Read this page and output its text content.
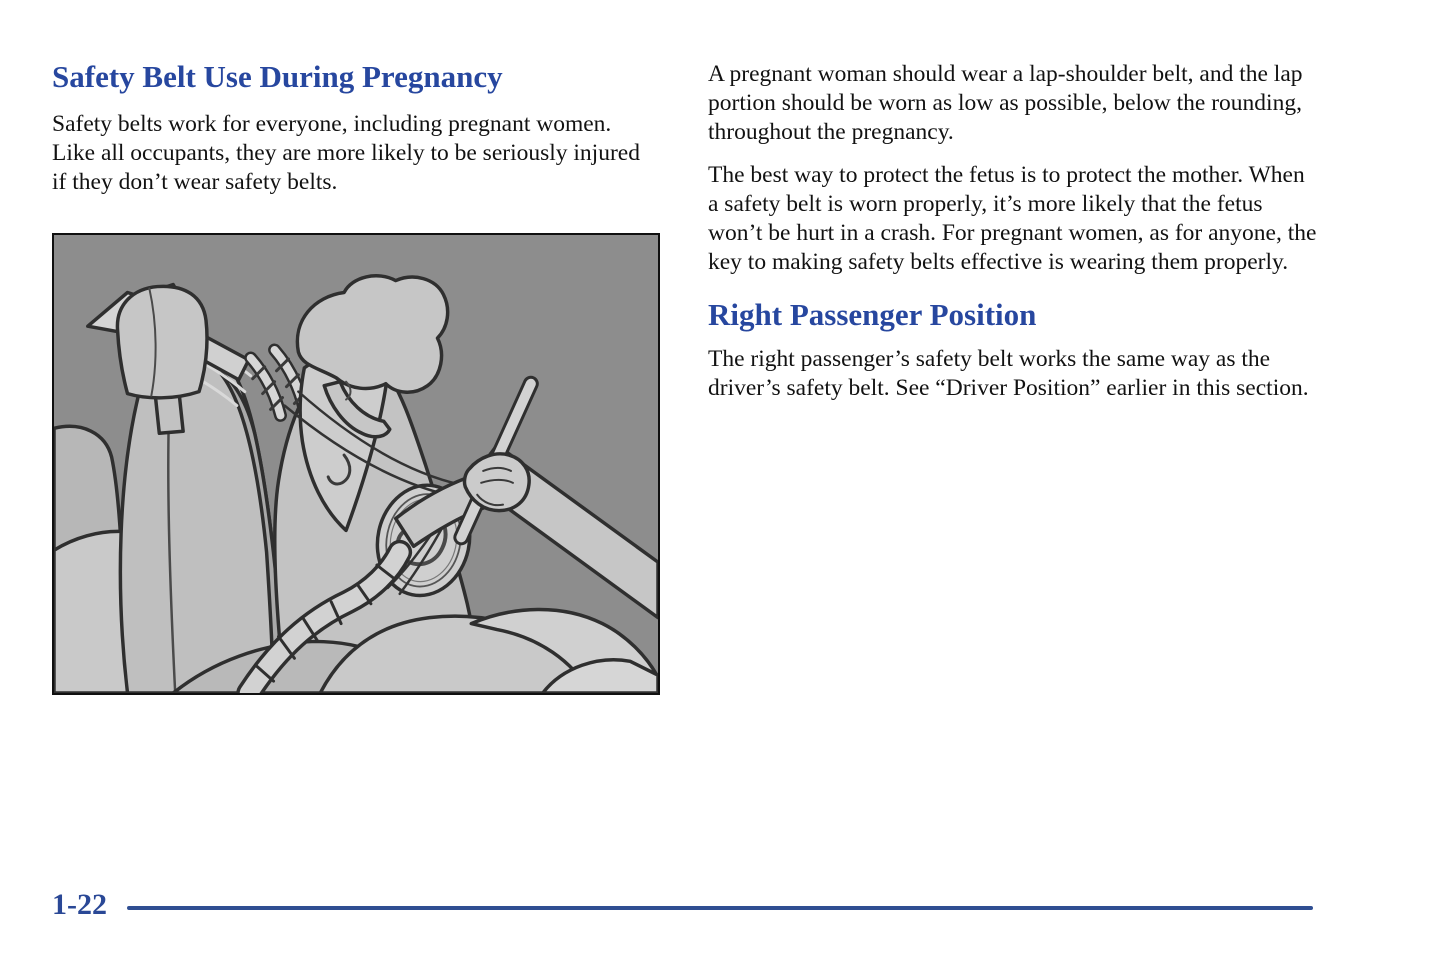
Safety Belt Use During Pregnancy

Safety belts work for everyone, including pregnant women. Like all occupants, they are more likely to be seriously injured if they don’t wear safety belts.

A pregnant woman should wear a lap-shoulder belt, and the lap portion should be worn as low as possible, below the rounding, throughout the pregnancy.

The best way to protect the fetus is to protect the mother. When a safety belt is worn properly, it’s more likely that the fetus won’t be hurt in a crash. For pregnant women, as for anyone, the key to making safety belts effective is wearing them properly.

Right Passenger Position

The right passenger’s safety belt works the same way as the driver’s safety belt. See “Driver Position” earlier in this section.

1-22
